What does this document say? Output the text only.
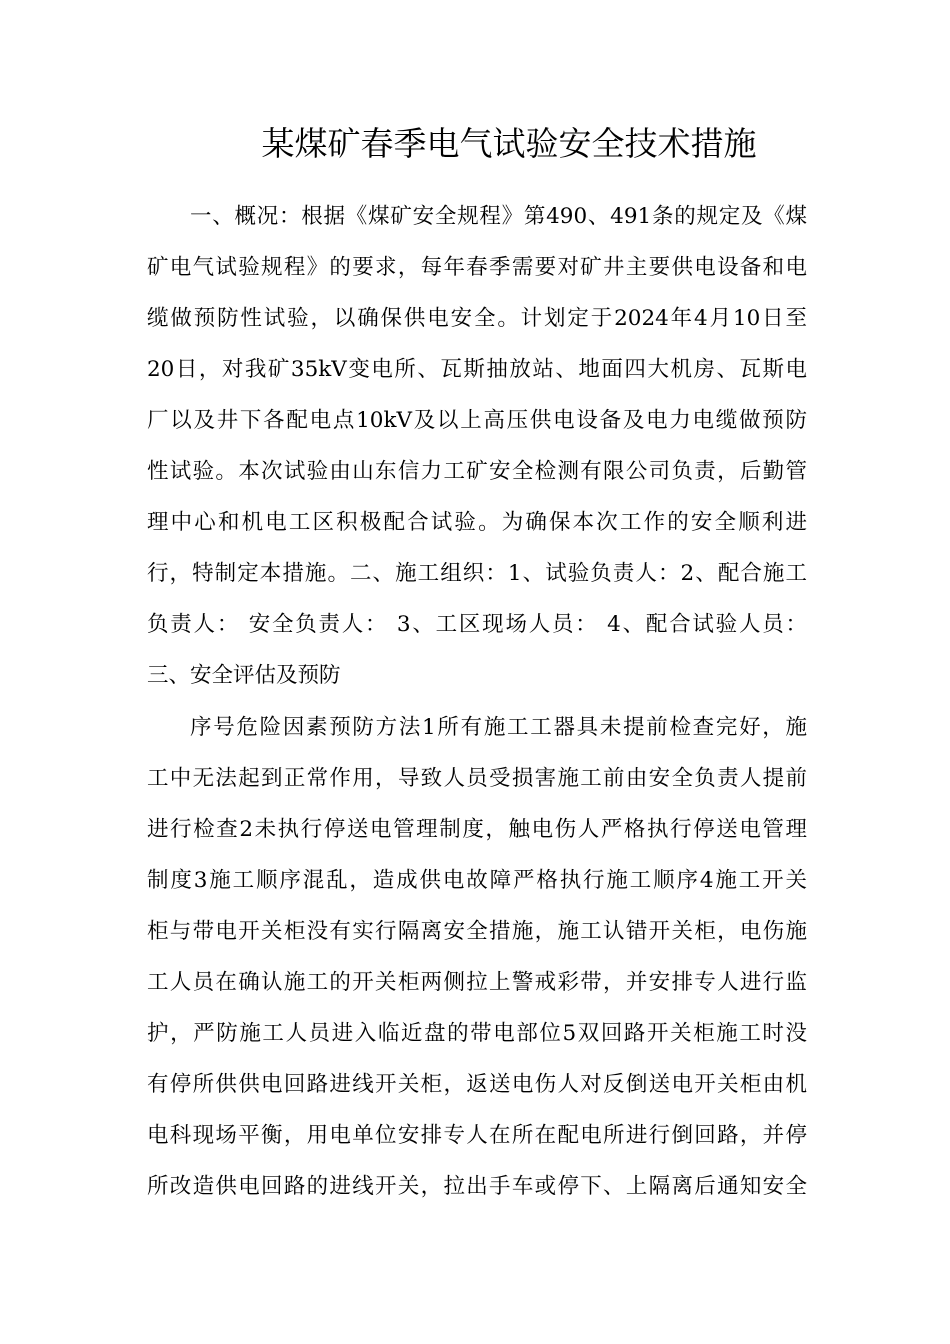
某煤矿春季电气试验安全技术措施

一、概况：根据《煤矿安全规程》第490、491条的规定及《煤

矿电气试验规程》的要求，每年春季需要对矿井主要供电设备和电

缆做预防性试验，以确保供电安全。计划定于2024年4月10日至

20日，对我矿35kV变电所、瓦斯抽放站、地面四大机房、瓦斯电

厂以及井下各配电点10kV及以上高压供电设备及电力电缆做预防

性试验。本次试验由山东信力工矿安全检测有限公司负责，后勤管

理中心和机电工区积极配合试验。为确保本次工作的安全顺利进

行，特制定本措施。二、施工组织：1、试验负责人：2、配合施工

负责人： 安全负责人： 3、工区现场人员： 4、配合试验人员：

三、安全评估及预防

序号危险因素预防方法1所有施工工器具未提前检查完好，施

工中无法起到正常作用，导致人员受损害施工前由安全负责人提前

进行检查2未执行停送电管理制度，触电伤人严格执行停送电管理

制度3施工顺序混乱，造成供电故障严格执行施工顺序4施工开关

柜与带电开关柜没有实行隔离安全措施，施工认错开关柜，电伤施

工人员在确认施工的开关柜两侧拉上警戒彩带，并安排专人进行监

护，严防施工人员进入临近盘的带电部位5双回路开关柜施工时没

有停所供供电回路进线开关柜，返送电伤人对反倒送电开关柜由机

电科现场平衡，用电单位安排专人在所在配电所进行倒回路，并停

所改造供电回路的进线开关，拉出手车或停下、上隔离后通知安全
